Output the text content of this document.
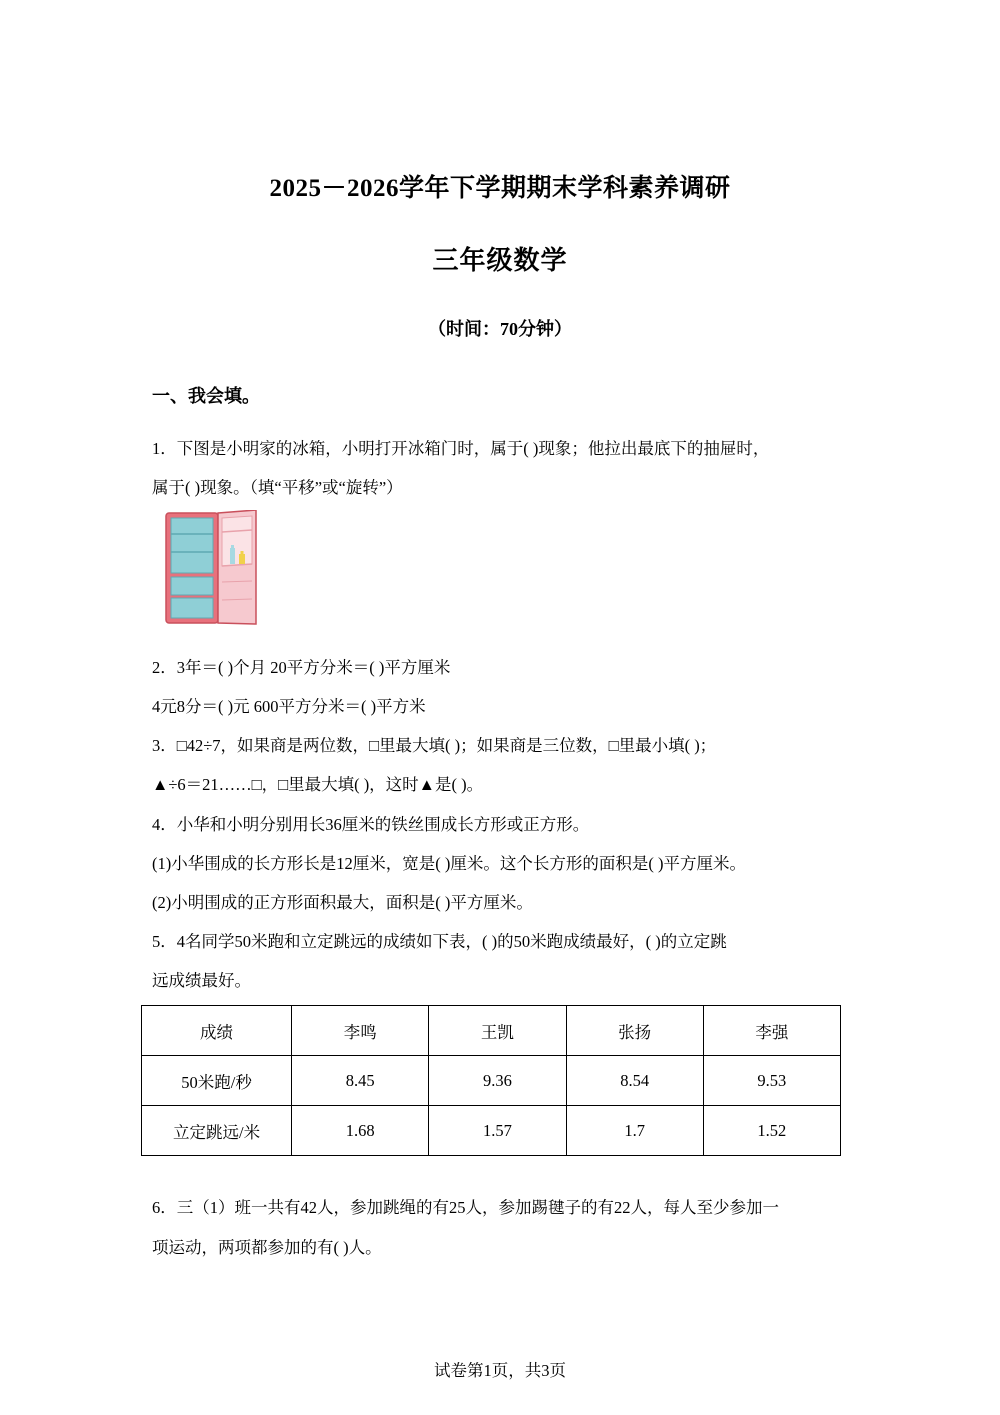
2025－2026学年下学期期末学科素养调研
三年级数学
（时间：70分钟）
一、我会填。
1．下图是小明家的冰箱，小明打开冰箱门时，属于( )现象；他拉出最底下的抽屉时，
属于( )现象。（填“平移”或“旋转”）
2．3年＝( )个月 20平方分米＝( )平方厘米
4元8分＝( )元 600平方分米＝( )平方米
3．□42÷7，如果商是两位数，□里最大填( )；如果商是三位数，□里最小填( )；
▲÷6＝21……□，□里最大填( )，这时▲是( )。
4．小华和小明分别用长36厘米的铁丝围成长方形或正方形。
(1)小华围成的长方形长是12厘米，宽是( )厘米。这个长方形的面积是( )平方厘米。
(2)小明围成的正方形面积最大，面积是( )平方厘米。
5．4名同学50米跑和立定跳远的成绩如下表，( )的50米跑成绩最好，( )的立定跳
远成绩最好。
成绩	李鸣	王凯	张扬	李强
50米跑/秒	8.45	9.36	8.54	9.53
立定跳远/米	1.68	1.57	1.7	1.52
6．三（1）班一共有42人，参加跳绳的有25人，参加踢毽子的有22人，每人至少参加一
项运动，两项都参加的有( )人。
试卷第1页，共3页
